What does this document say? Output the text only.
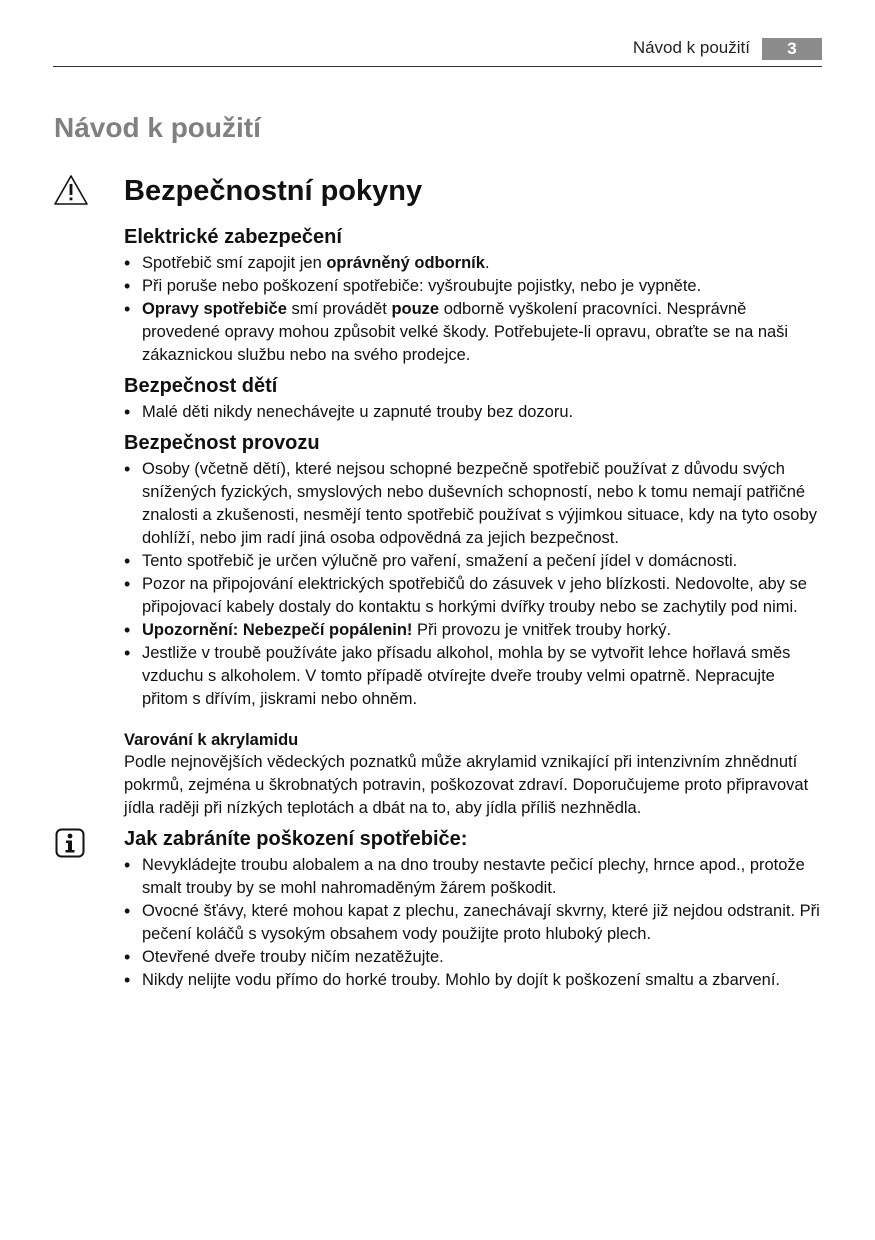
Návod k použití	3
Návod k použití
Bezpečnostní pokyny
Elektrické zabezpečení
• Spotřebič smí zapojit jen oprávněný odborník.
• Při poruše nebo poškození spotřebiče: vyšroubujte pojistky, nebo je vypněte.
• Opravy spotřebiče smí provádět pouze odborně vyškolení pracovníci. Nesprávně provedené opravy mohou způsobit velké škody. Potřebujete-li opravu, obraťte se na naši zákaznickou službu nebo na svého prodejce.
Bezpečnost dětí
• Malé děti nikdy nenechávejte u zapnuté trouby bez dozoru.
Bezpečnost provozu
• Osoby (včetně dětí), které nejsou schopné bezpečně spotřebič používat z důvodu svých snížených fyzických, smyslových nebo duševních schopností, nebo k tomu nemají patřičné znalosti a zkušenosti, nesmějí tento spotřebič používat s výjimkou situace, kdy na tyto osoby dohlíží, nebo jim radí jiná osoba odpovědná za jejich bezpečnost.
• Tento spotřebič je určen výlučně pro vaření, smažení a pečení jídel v domácnosti.
• Pozor na připojování elektrických spotřebičů do zásuvek v jeho blízkosti. Nedovolte, aby se připojovací kabely dostaly do kontaktu s horkými dvířky trouby nebo se zachytily pod nimi.
• Upozornění: Nebezpečí popálenin! Při provozu je vnitřek trouby horký.
• Jestliže v troubě používáte jako přísadu alkohol, mohla by se vytvořit lehce hořlavá směs vzduchu s alkoholem. V tomto případě otvírejte dveře trouby velmi opatrně. Nepracujte přitom s dřívím, jiskrami nebo ohněm.
Varování k akrylamidu
Podle nejnovějších vědeckých poznatků může akrylamid vznikající při intenzivním zhnědnutí pokrmů, zejména u škrobnatých potravin, poškozovat zdraví. Doporučujeme proto připravovat jídla raději při nízkých teplotách a dbát na to, aby jídla příliš nezhnědla.
Jak zabráníte poškození spotřebiče:
• Nevykládejte troubu alobalem a na dno trouby nestavte pečicí plechy, hrnce apod., protože smalt trouby by se mohl nahromaděným žárem poškodit.
• Ovocné šťávy, které mohou kapat z plechu, zanechávají skvrny, které již nejdou odstranit. Při pečení koláčů s vysokým obsahem vody použijte proto hluboký plech.
• Otevřené dveře trouby ničím nezatěžujte.
• Nikdy nelijte vodu přímo do horké trouby. Mohlo by dojít k poškození smaltu a zbarvení.
